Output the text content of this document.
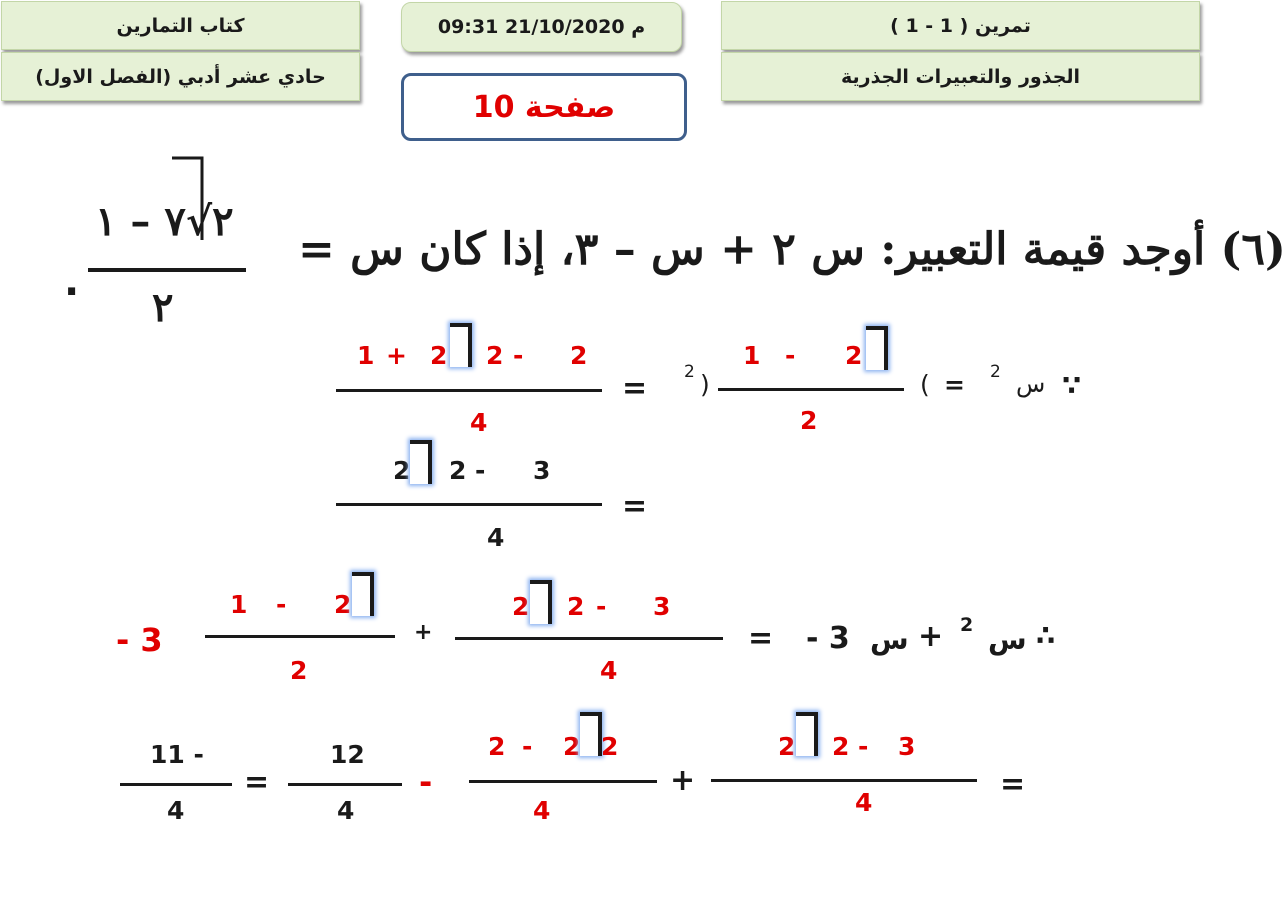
كتاب التمارين
حادي عشر أدبي (الفصل الاول)
09:31 21/10/2020 م
صفحة 10
تمرين ( 1 - 1 )
الجذور والتعبيرات الجذرية
(٦) أوجد قيمة التعبير: س ٢ + س – ٣، إذا كان س =
٢√٧ – ١
٢
.
∵
س
2
=
(
1 - 2
2
)
2
=
1 + 2 2 - 2
4
2 2 - 3
4
=
∴
س
2
+
س
- 3
=
2 2 - 3
4
+
1 - 2
2
3 -
=
2 2 - 3
4
+
2 - 2 2
4
-
12
4
=
11 -
4
